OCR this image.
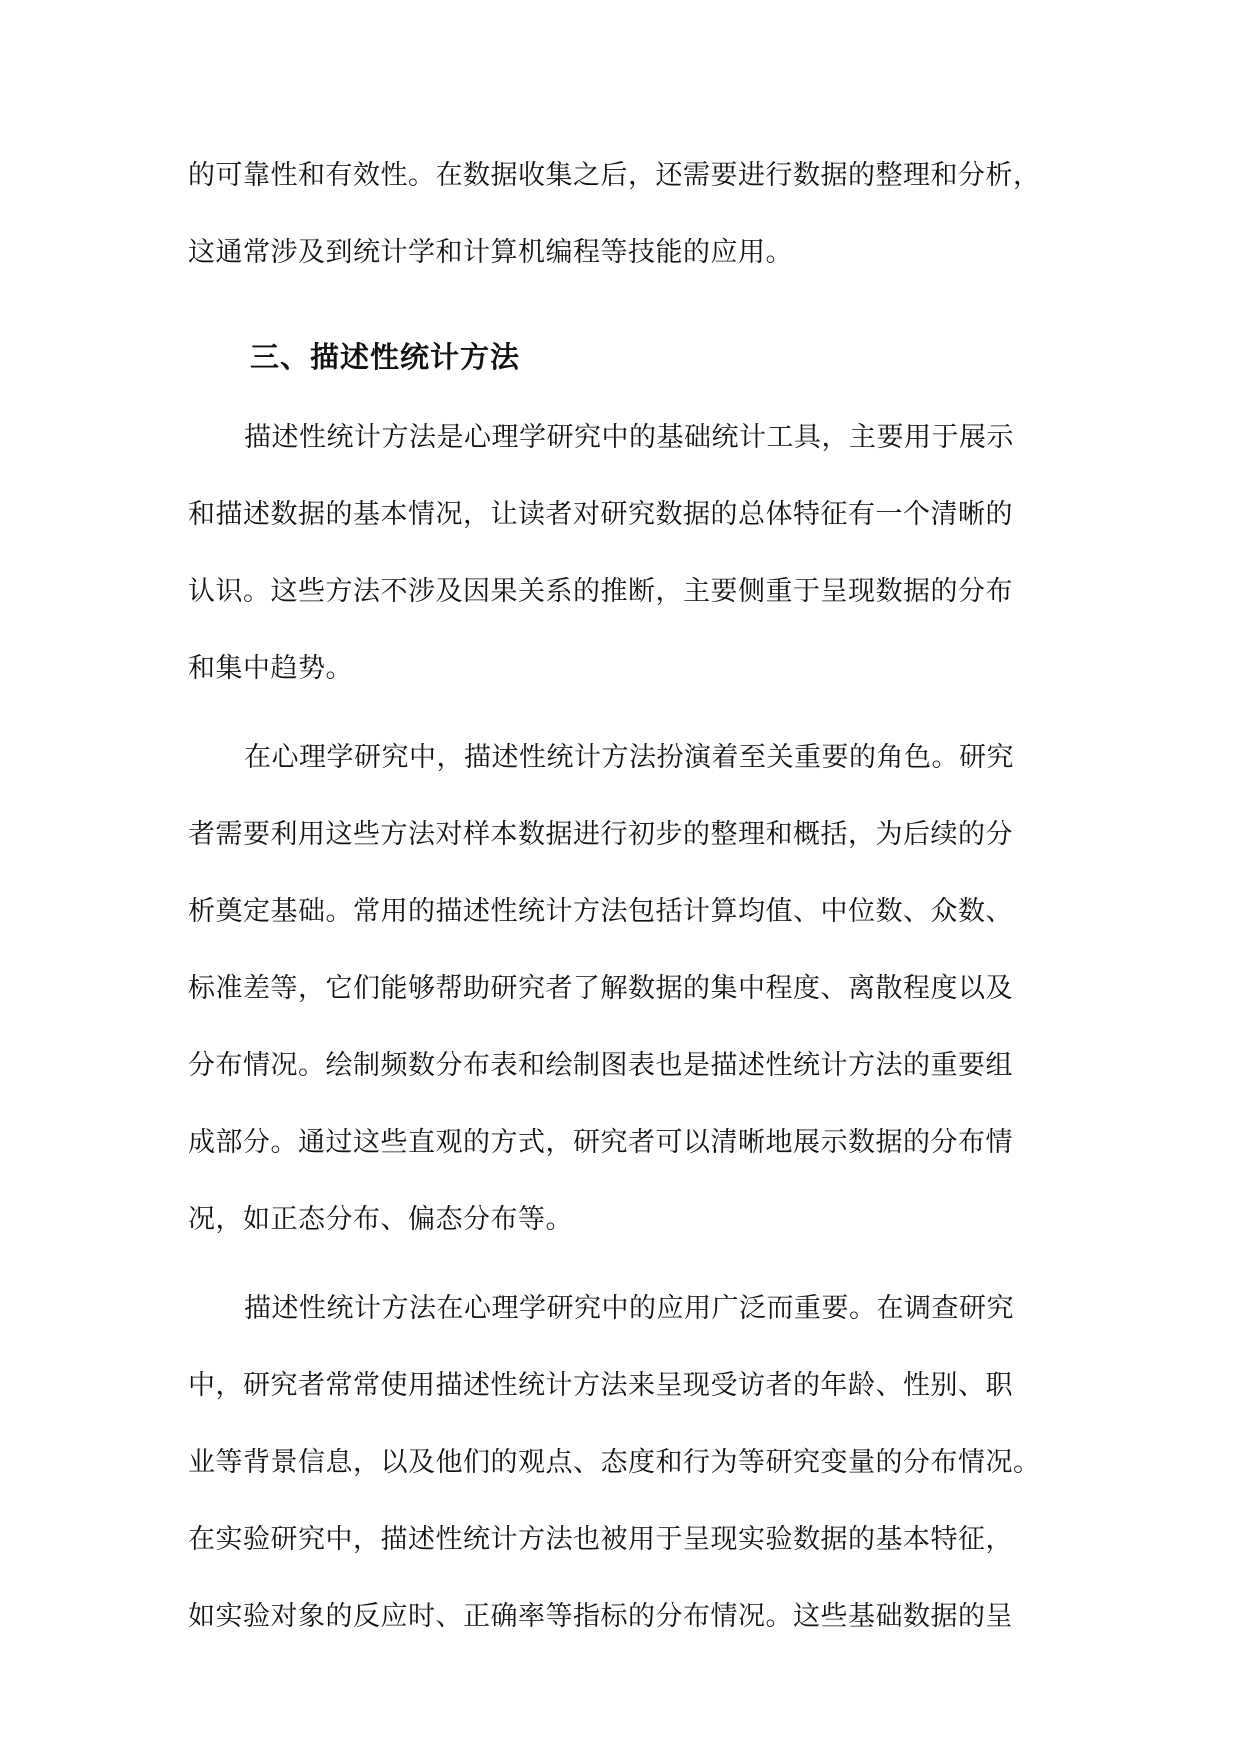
的可靠性和有效性。在数据收集之后，还需要进行数据的整理和分析，
这通常涉及到统计学和计算机编程等技能的应用。

三、描述性统计方法

描述性统计方法是心理学研究中的基础统计工具，主要用于展示
和描述数据的基本情况，让读者对研究数据的总体特征有一个清晰的
认识。这些方法不涉及因果关系的推断，主要侧重于呈现数据的分布
和集中趋势。

在心理学研究中，描述性统计方法扮演着至关重要的角色。研究
者需要利用这些方法对样本数据进行初步的整理和概括，为后续的分
析奠定基础。常用的描述性统计方法包括计算均值、中位数、众数、
标准差等，它们能够帮助研究者了解数据的集中程度、离散程度以及
分布情况。绘制频数分布表和绘制图表也是描述性统计方法的重要组
成部分。通过这些直观的方式，研究者可以清晰地展示数据的分布情
况，如正态分布、偏态分布等。

描述性统计方法在心理学研究中的应用广泛而重要。在调查研究
中，研究者常常使用描述性统计方法来呈现受访者的年龄、性别、职
业等背景信息，以及他们的观点、态度和行为等研究变量的分布情况。
在实验研究中，描述性统计方法也被用于呈现实验数据的基本特征，
如实验对象的反应时、正确率等指标的分布情况。这些基础数据的呈
